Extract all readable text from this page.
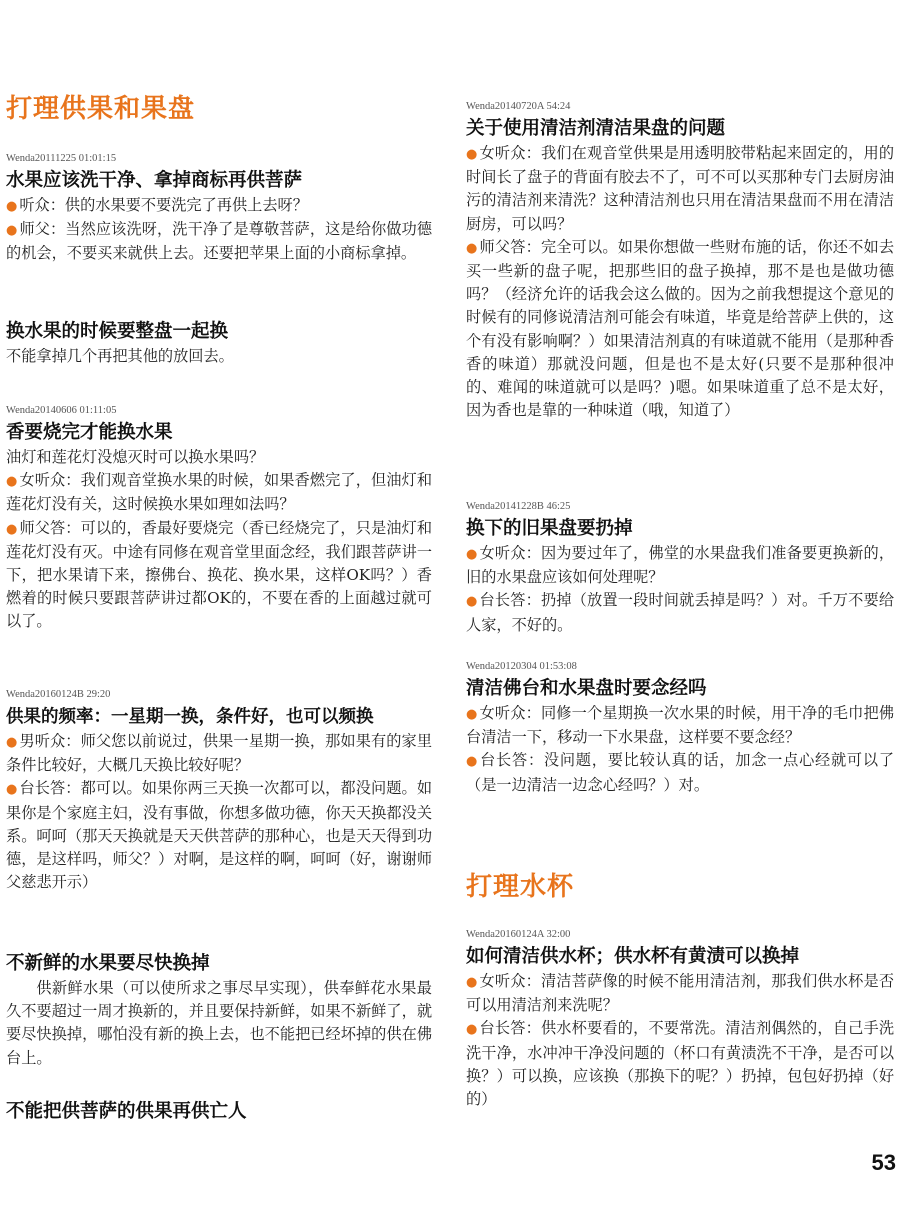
打理供果和果盘
Wenda20111225 01:01:15
水果应该洗干净、拿掉商标再供菩萨
● 听众：供的水果要不要洗完了再供上去呀？
● 师父：当然应该洗呀，洗干净了是尊敬菩萨，这是给你做功德的机会，不要买来就供上去。还要把苹果上面的小商标拿掉。
换水果的时候要整盘一起换
不能拿掉几个再把其他的放回去。
Wenda20140606 01:11:05
香要烧完才能换水果
油灯和莲花灯没熄灭时可以换水果吗？
● 女听众：我们观音堂换水果的时候，如果香燃完了，但油灯和莲花灯没有关，这时候换水果如理如法吗？
● 师父答：可以的，香最好要烧完（香已经烧完了，只是油灯和莲花灯没有灭。中途有同修在观音堂里面念经，我们跟菩萨讲一下，把水果请下来，擦佛台、换花、换水果，这样OK吗？）香燃着的时候只要跟菩萨讲过都OK的，不要在香的上面越过就可以了。
Wenda20160124B 29:20
供果的频率：一星期一换，条件好，也可以频换
● 男听众：师父您以前说过，供果一星期一换，那如果有的家里条件比较好，大概几天换比较好呢？
● 台长答：都可以。如果你两三天换一次都可以，都没问题。如果你是个家庭主妇，没有事做，你想多做功德，你天天换都没关系。呵呵（那天天换就是天天供菩萨的那种心，也是天天得到功德，是这样吗，师父？）对啊，是这样的啊，呵呵（好，谢谢师父慈悲开示）
不新鲜的水果要尽快换掉
供新鲜水果（可以使所求之事尽早实现），供奉鲜花水果最久不要超过一周才换新的，并且要保持新鲜，如果不新鲜了，就要尽快换掉，哪怕没有新的换上去，也不能把已经坏掉的供在佛台上。
不能把供菩萨的供果再供亡人
Wenda20140720A 54:24
关于使用清洁剂清洁果盘的问题
● 女听众：我们在观音堂供果是用透明胶带粘起来固定的，用的时间长了盘子的背面有胶去不了，可不可以买那种专门去厨房油污的清洁剂来清洗？这种清洁剂也只用在清洁果盘而不用在清洁厨房，可以吗？
● 师父答：完全可以。如果你想做一些财布施的话，你还不如去买一些新的盘子呢，把那些旧的盘子换掉，那不是也是做功德吗？（经济允许的话我会这么做的。因为之前我想提这个意见的时候有的同修说清洁剂可能会有味道，毕竟是给菩萨上供的，这个有没有影响啊？）如果清洁剂真的有味道就不能用（是那种香香的味道）那就没问题，但是也不是太好(只要不是那种很冲的、难闻的味道就可以是吗？)嗯。如果味道重了总不是太好，因为香也是靠的一种味道（哦，知道了）
Wenda20141228B 46:25
换下的旧果盘要扔掉
● 女听众：因为要过年了，佛堂的水果盘我们准备要更换新的，旧的水果盘应该如何处理呢？
● 台长答：扔掉（放置一段时间就丢掉是吗？）对。千万不要给人家，不好的。
Wenda20120304 01:53:08
清洁佛台和水果盘时要念经吗
● 女听众：同修一个星期换一次水果的时候，用干净的毛巾把佛台清洁一下，移动一下水果盘，这样要不要念经？
● 台长答：没问题，要比较认真的话，加念一点心经就可以了（是一边清洁一边念心经吗？）对。
打理水杯
Wenda20160124A 32:00
如何清洁供水杯；供水杯有黄渍可以换掉
● 女听众：清洁菩萨像的时候不能用清洁剂，那我们供水杯是否可以用清洁剂来洗呢？
● 台长答：供水杯要看的，不要常洗。清洁剂偶然的，自己手洗洗干净，水冲冲干净没问题的（杯口有黄渍洗不干净，是否可以换？）可以换，应该换（那换下的呢？）扔掉，包包好扔掉（好的）
53
